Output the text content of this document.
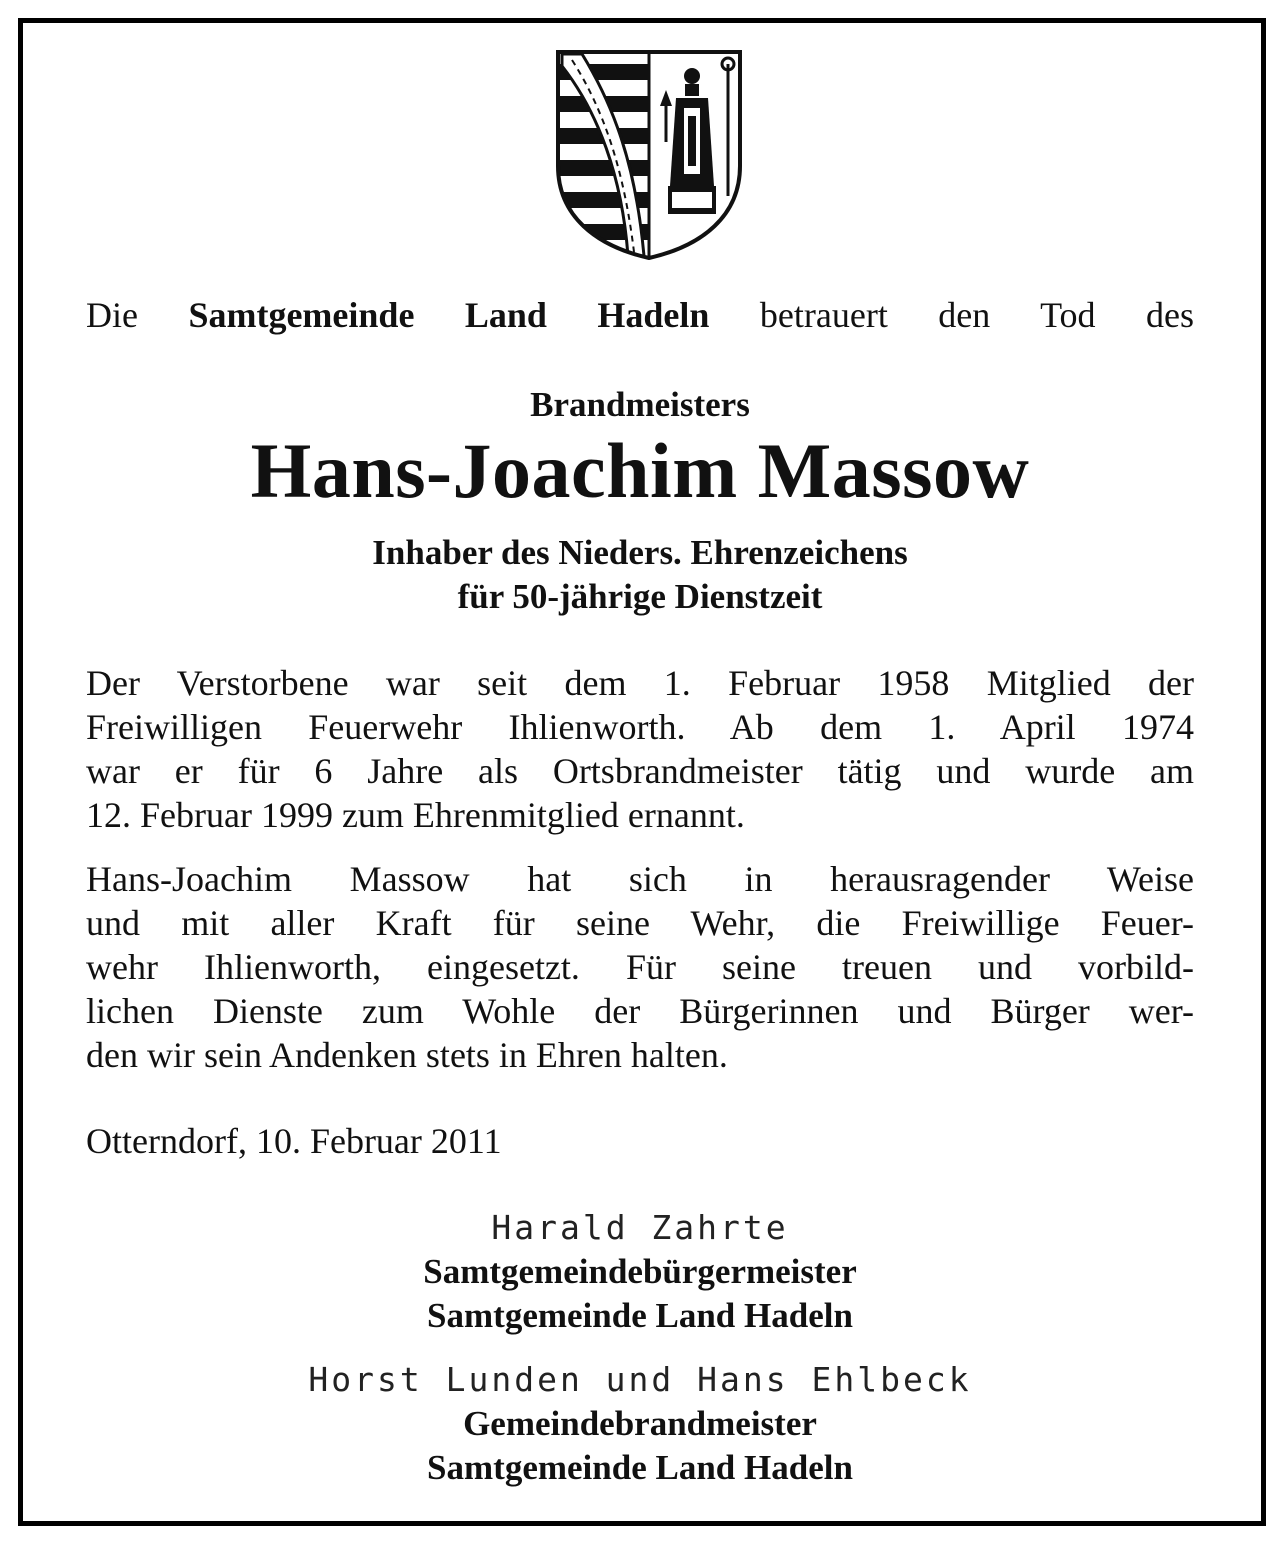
Die Samtgemeinde Land Hadeln betrauert den Tod des
Brandmeisters
Hans-Joachim Massow
Inhaber des Nieders. Ehrenzeichens
für 50-jährige Dienstzeit
Der Verstorbene war seit dem 1. Februar 1958 Mitglied der
Freiwilligen Feuerwehr Ihlienworth. Ab dem 1. April 1974
war er für 6 Jahre als Ortsbrandmeister tätig und wurde am
12. Februar 1999 zum Ehrenmitglied ernannt.
Hans-Joachim Massow hat sich in herausragender Weise
und mit aller Kraft für seine Wehr, die Freiwillige Feuer-
wehr Ihlienworth, eingesetzt. Für seine treuen und vorbild-
lichen Dienste zum Wohle der Bürgerinnen und Bürger wer-
den wir sein Andenken stets in Ehren halten.
Otterndorf, 10. Februar 2011
Harald Zahrte
Samtgemeindebürgermeister
Samtgemeinde Land Hadeln
Horst Lunden und Hans Ehlbeck
Gemeindebrandmeister
Samtgemeinde Land Hadeln
